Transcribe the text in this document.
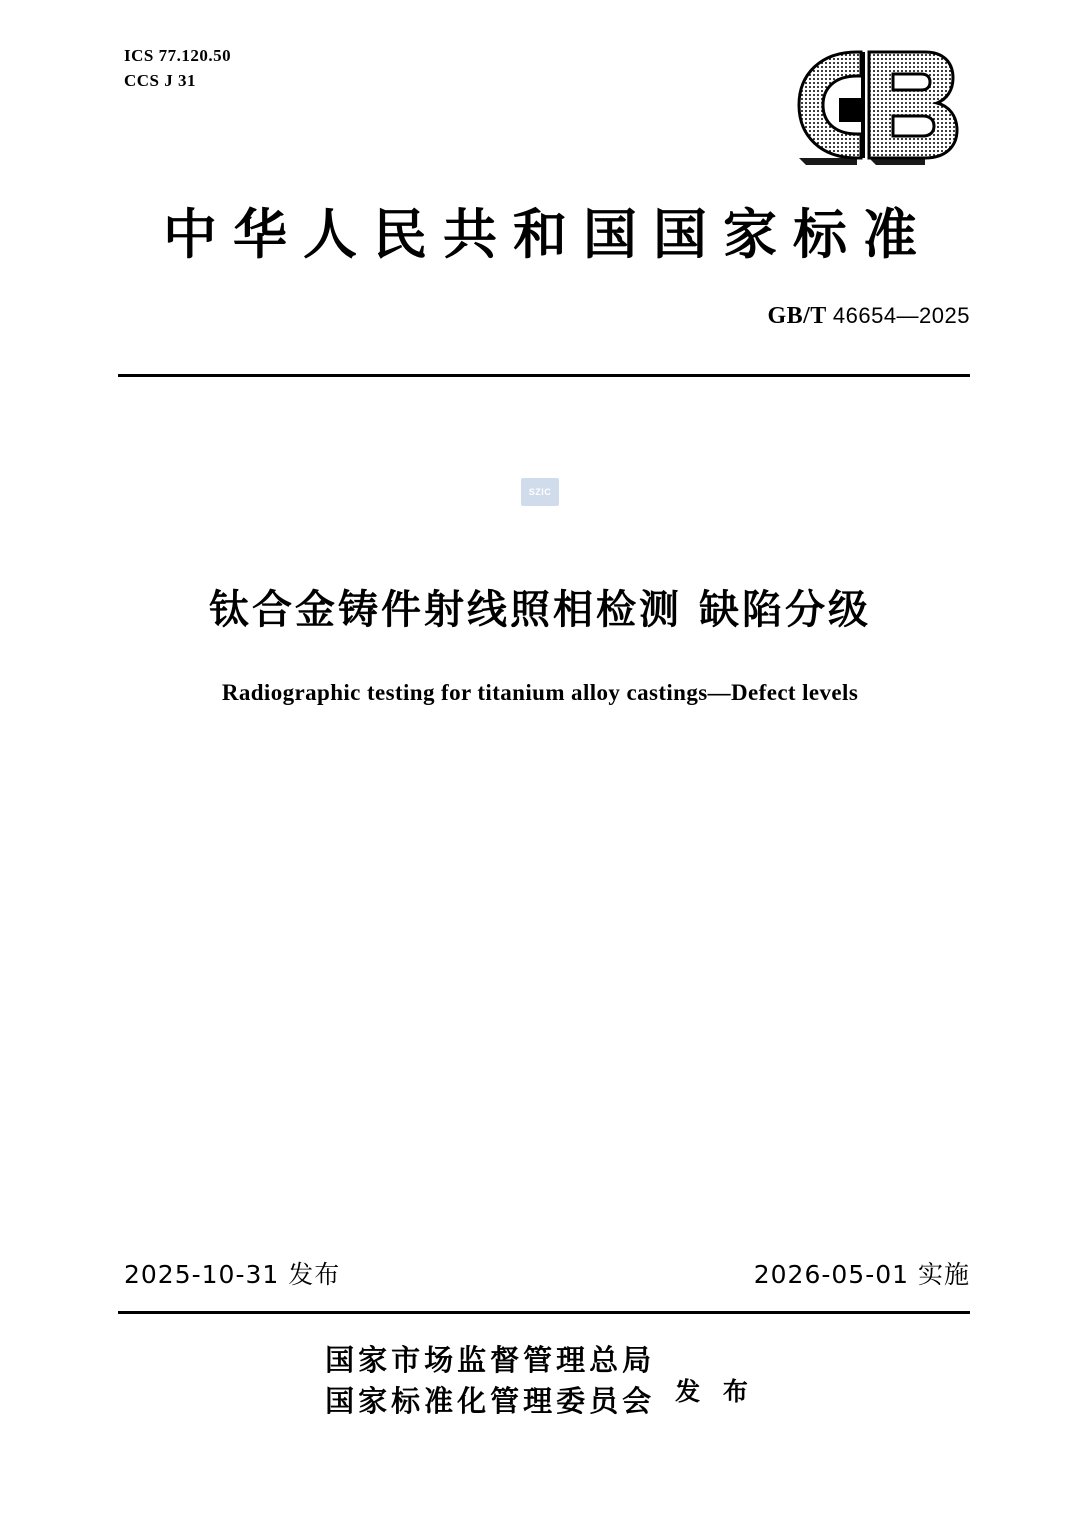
ICS 77.120.50
CCS J 31
中华人民共和国国家标准
GB/T 46654—2025
SZIC
钛合金铸件射线照相检测 缺陷分级
Radiographic testing for titanium alloy castings—Defect levels
2025-10-31 发布	2026-05-01 实施
国家市场监督管理总局
国家标准化管理委员会 发 布
